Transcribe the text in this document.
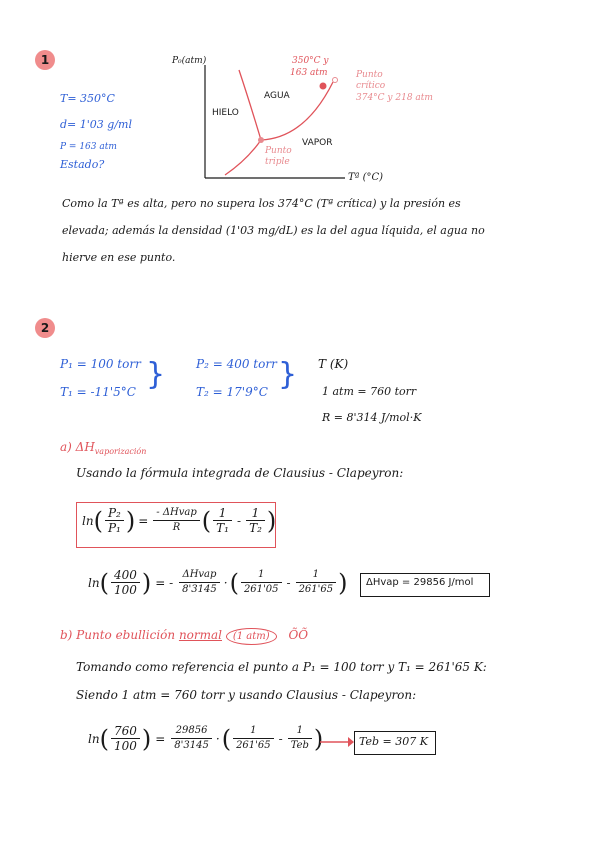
1
T= 350°C
d= 1'03 g/ml
P = 163 atm
Estado?
P₀(atm)
Tª (°C)
HIELO
AGUA
VAPOR
350°C y
163 atm	Punto
crítico
374°C y 218 atm
Punto
triple
Como la Tª es alta, pero no supera los 374°C (Tª crítica) y la presión es
elevada; además la densidad (1'03 mg/dL) es la del agua líquida, el agua no
hierve en ese punto.
2
P₁ = 100 torr
T₁ = -11'5°C }	P₂ = 400 torr
T₂ = 17'9°C } T (K)
1 atm = 760 torr
R = 8'314 J/mol·K
a) $\Delta H_{vaporización}$
Usando la fórmula integrada de Clausius - Clapeyron:
ln ( $\frac{\text{P₂}}{\text{P₁}}$ ) = $\frac{\text{- ΔHvap}}{R}$ ( $\frac{1}{\text{T₁}} - \frac{1}{\text{T₂}}$ )
ln ( $\frac{400}{100}$ ) = - $\frac{\text{ΔHvap}}{8'3145}$ · ( $\frac{1}{261'05} - \frac{1}{261'65}$ ) ΔHvap = 29856 J/mol
b) Punto ebullición normal (1 atm) ÕÕ
Tomando como referencia el punto a P₁ = 100 torr y T₁ = 261'65 K:
Siendo 1 atm = 760 torr y usando Clausius - Clapeyron:
ln ( $\frac{760}{100}$ ) = $\frac{29856}{8'3145}$ · ( $\frac{1}{261'65} - \frac{1}{\text{Teb}}$ )	Teb = 307 K
